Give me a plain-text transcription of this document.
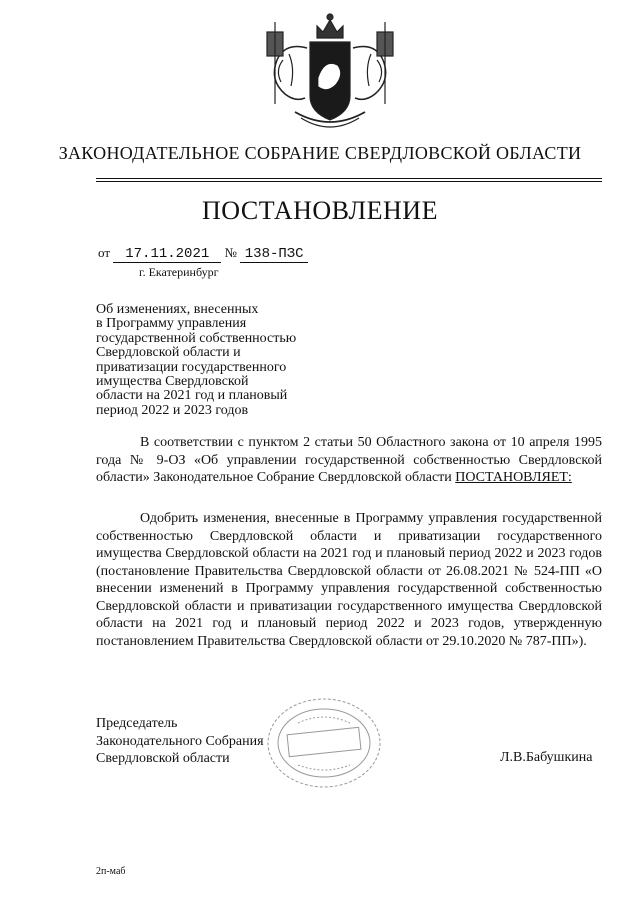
ЗАКОНОДАТЕЛЬНОЕ СОБРАНИЕ СВЕРДЛОВСКОЙ ОБЛАСТИ
ПОСТАНОВЛЕНИЕ
от 17.11.2021 № 138-ПЗС
г. Екатеринбург
Об изменениях, внесенных
в Программу управления
государственной собственностью
Свердловской области и
приватизации государственного
имущества Свердловской
области на 2021 год и плановый
период 2022 и 2023 годов
В соответствии с пунктом 2 статьи 50 Областного закона от 10 апреля 1995 года № 9-ОЗ «Об управлении государственной собственностью Свердловской области» Законодательное Собрание Свердловской области ПОСТАНОВЛЯЕТ:
Одобрить изменения, внесенные в Программу управления государственной собственностью Свердловской области и приватизации государственного имущества Свердловской области на 2021 год и плановый период 2022 и 2023 годов (постановление Правительства Свердловской области от 26.08.2021 № 524-ПП «О внесении изменений в Программу управления государственной собственностью Свердловской области и приватизации государственного имущества Свердловской области на 2021 год и плановый период 2022 и 2023 годов, утвержденную постановлением Правительства Свердловской области от 29.10.2020 № 787-ПП»).
Председатель
Законодательного Собрания
Свердловской области	Л.В.Бабушкина
2п-маб
